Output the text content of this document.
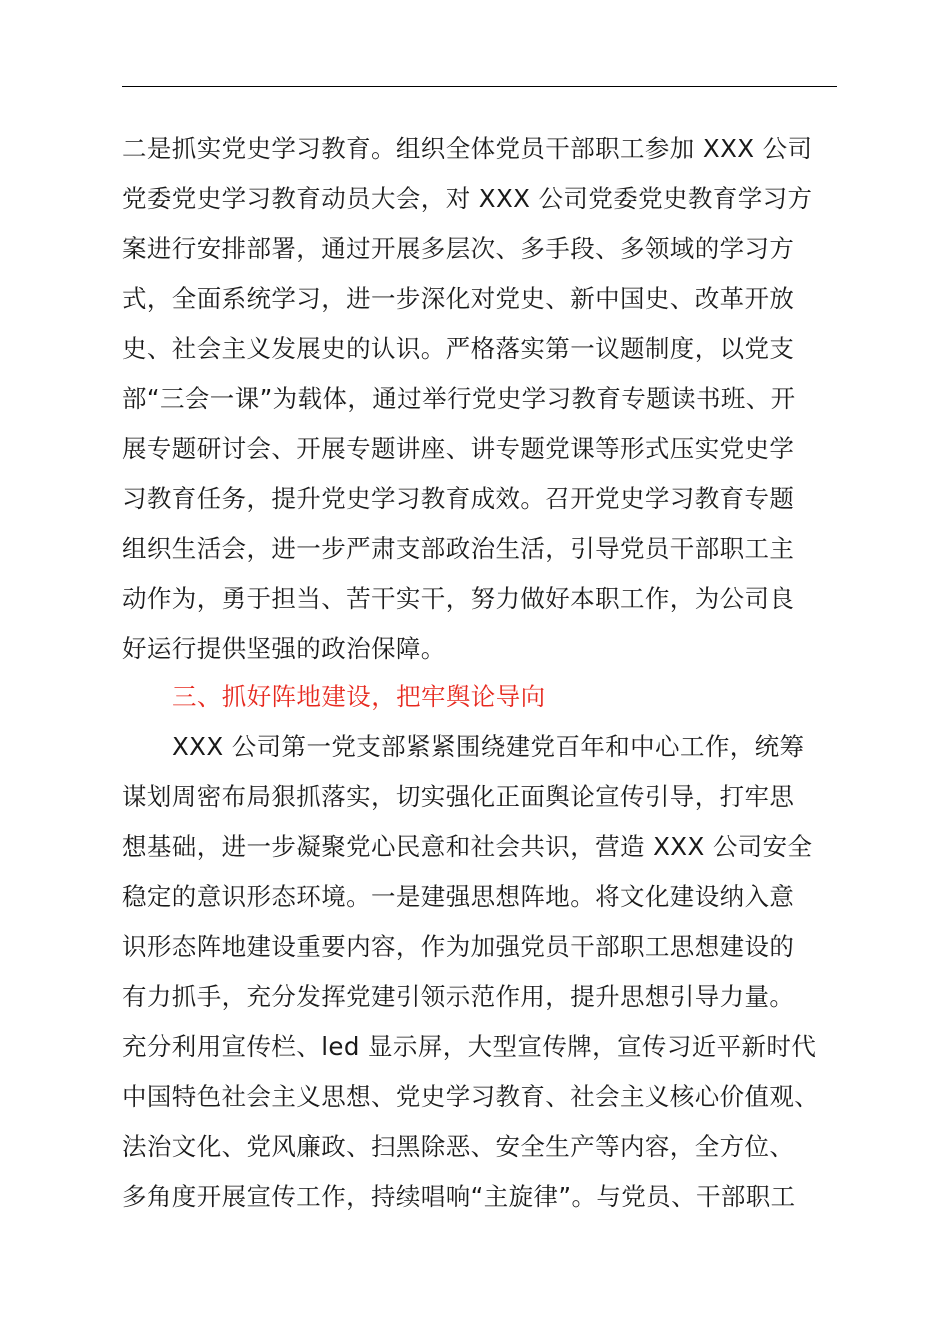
二是抓实党史学习教育。组织全体党员干部职工参加 XXX 公司
党委党史学习教育动员大会，对 XXX 公司党委党史教育学习方
案进行安排部署，通过开展多层次、多手段、多领域的学习方
式，全面系统学习，进一步深化对党史、新中国史、改革开放
史、社会主义发展史的认识。严格落实第一议题制度，以党支
部“三会一课”为载体，通过举行党史学习教育专题读书班、开
展专题研讨会、开展专题讲座、讲专题党课等形式压实党史学
习教育任务，提升党史学习教育成效。召开党史学习教育专题
组织生活会，进一步严肃支部政治生活，引导党员干部职工主
动作为，勇于担当、苦干实干，努力做好本职工作，为公司良
好运行提供坚强的政治保障。
三、抓好阵地建设，把牢舆论导向
XXX 公司第一党支部紧紧围绕建党百年和中心工作，统筹
谋划周密布局狠抓落实，切实强化正面舆论宣传引导，打牢思
想基础，进一步凝聚党心民意和社会共识，营造 XXX 公司安全
稳定的意识形态环境。一是建强思想阵地。将文化建设纳入意
识形态阵地建设重要内容，作为加强党员干部职工思想建设的
有力抓手，充分发挥党建引领示范作用，提升思想引导力量。
充分利用宣传栏、led 显示屏，大型宣传牌，宣传习近平新时代
中国特色社会主义思想、党史学习教育、社会主义核心价值观、
法治文化、党风廉政、扫黑除恶、安全生产等内容，全方位、
多角度开展宣传工作，持续唱响“主旋律”。与党员、干部职工
